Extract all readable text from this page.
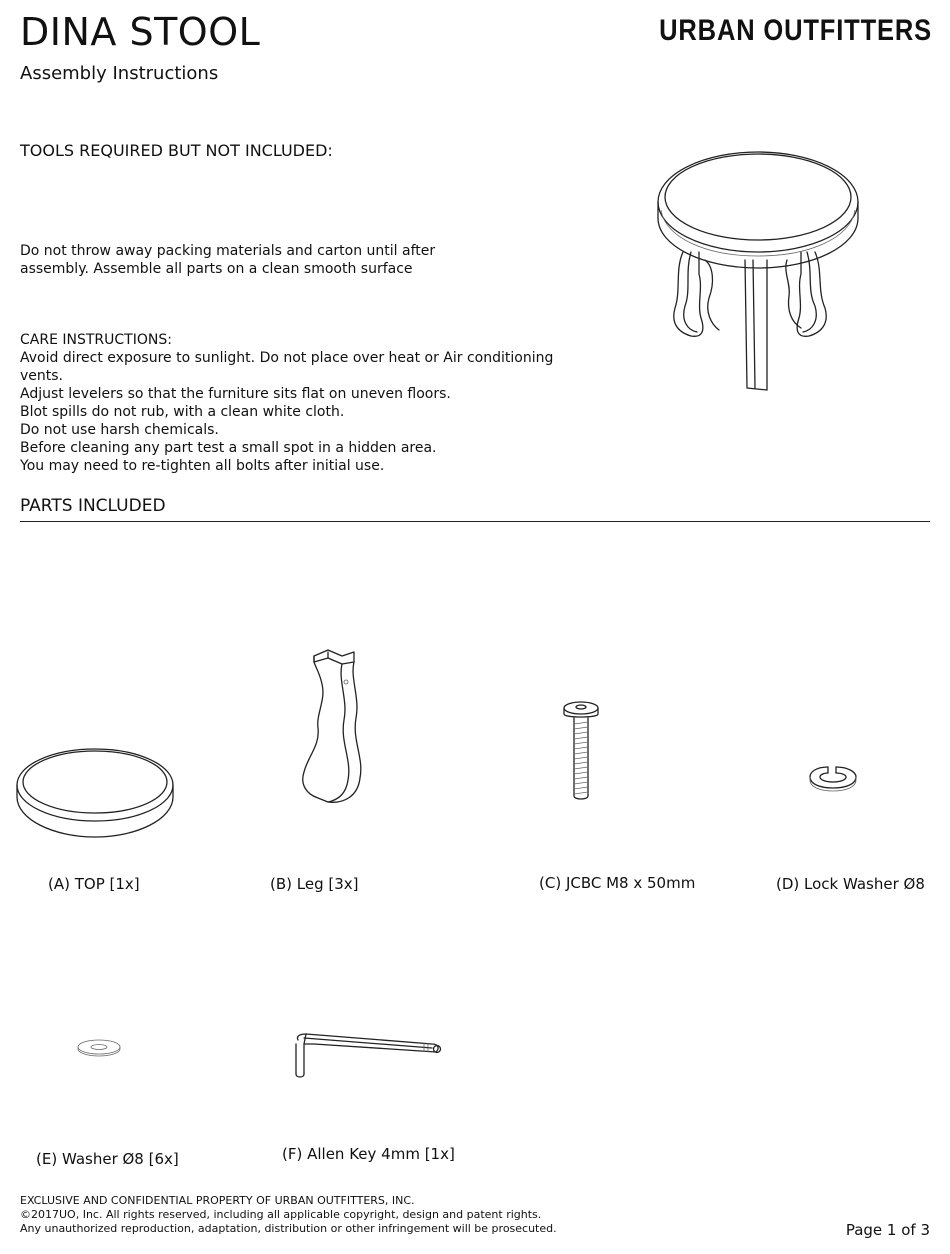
DINA STOOL	URBAN OUTFITTERS
Assembly Instructions
TOOLS REQUIRED BUT NOT INCLUDED:
Do not throw away packing materials and carton until after assembly. Assemble all parts on a clean smooth surface
CARE INSTRUCTIONS:
Avoid direct exposure to sunlight. Do not place over heat or Air conditioning vents.
Adjust levelers so that the furniture sits flat on uneven floors.
Blot spills do not rub, with a clean white cloth.
Do not use harsh chemicals.
Before cleaning any part test a small spot in a hidden area.
You may need to re-tighten all bolts after initial use.
PARTS INCLUDED
(A) TOP [1x]	(B) Leg [3x]	(C) JCBC M8 x 50mm	(D) Lock Washer Ø8
(E) Washer Ø8 [6x]	(F) Allen Key 4mm [1x]
EXCLUSIVE AND CONFIDENTIAL PROPERTY OF URBAN OUTFITTERS, INC.
©2017UO, Inc. All rights reserved, including all applicable copyright, design and patent rights.
Any unauthorized reproduction, adaptation, distribution or other infringement will be prosecuted.	Page 1 of 3
